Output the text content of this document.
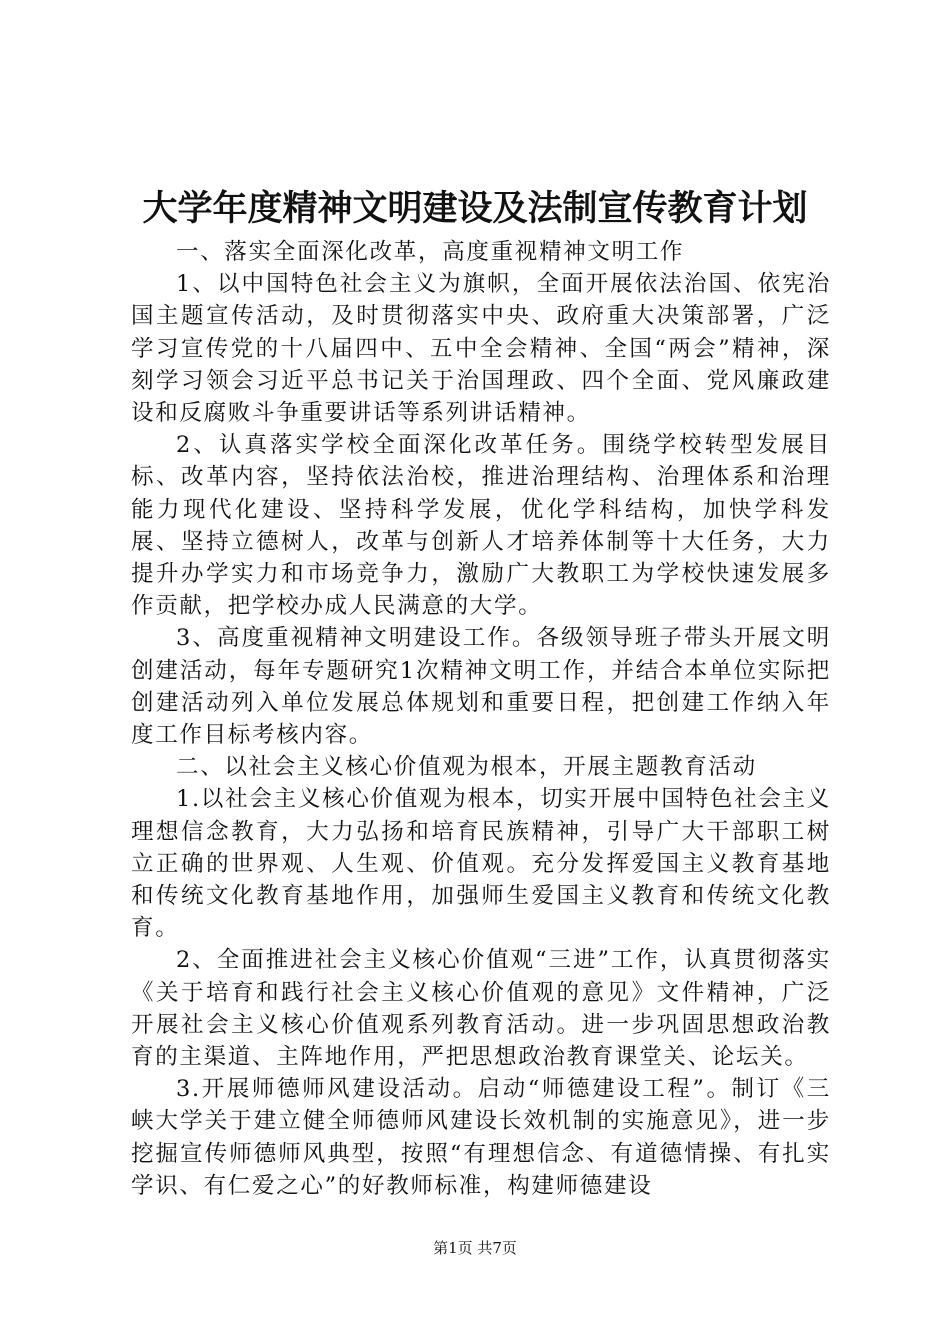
大学年度精神文明建设及法制宣传教育计划

一、落实全面深化改革，高度重视精神文明工作

1、以中国特色社会主义为旗帜，全面开展依法治国、依宪治国主题宣传活动，及时贯彻落实中央、政府重大决策部署，广泛学习宣传党的十八届四中、五中全会精神、全国“两会”精神，深刻学习领会习近平总书记关于治国理政、四个全面、党风廉政建设和反腐败斗争重要讲话等系列讲话精神。

2、认真落实学校全面深化改革任务。围绕学校转型发展目标、改革内容，坚持依法治校，推进治理结构、治理体系和治理能力现代化建设、坚持科学发展，优化学科结构，加快学科发展、坚持立德树人，改革与创新人才培养体制等十大任务，大力提升办学实力和市场竞争力，激励广大教职工为学校快速发展多作贡献，把学校办成人民满意的大学。

3、高度重视精神文明建设工作。各级领导班子带头开展文明创建活动，每年专题研究1次精神文明工作，并结合本单位实际把创建活动列入单位发展总体规划和重要日程，把创建工作纳入年度工作目标考核内容。

二、以社会主义核心价值观为根本，开展主题教育活动

1.以社会主义核心价值观为根本，切实开展中国特色社会主义理想信念教育，大力弘扬和培育民族精神，引导广大干部职工树立正确的世界观、人生观、价值观。充分发挥爱国主义教育基地和传统文化教育基地作用，加强师生爱国主义教育和传统文化教育。

2、全面推进社会主义核心价值观“三进”工作，认真贯彻落实《关于培育和践行社会主义核心价值观的意见》文件精神，广泛开展社会主义核心价值观系列教育活动。进一步巩固思想政治教育的主渠道、主阵地作用，严把思想政治教育课堂关、论坛关。

3.开展师德师风建设活动。启动“师德建设工程”。制订《三峡大学关于建立健全师德师风建设长效机制的实施意见》，进一步挖掘宣传师德师风典型，按照“有理想信念、有道德情操、有扎实学识、有仁爱之心”的好教师标准，构建师德建设

第1页 共7页
